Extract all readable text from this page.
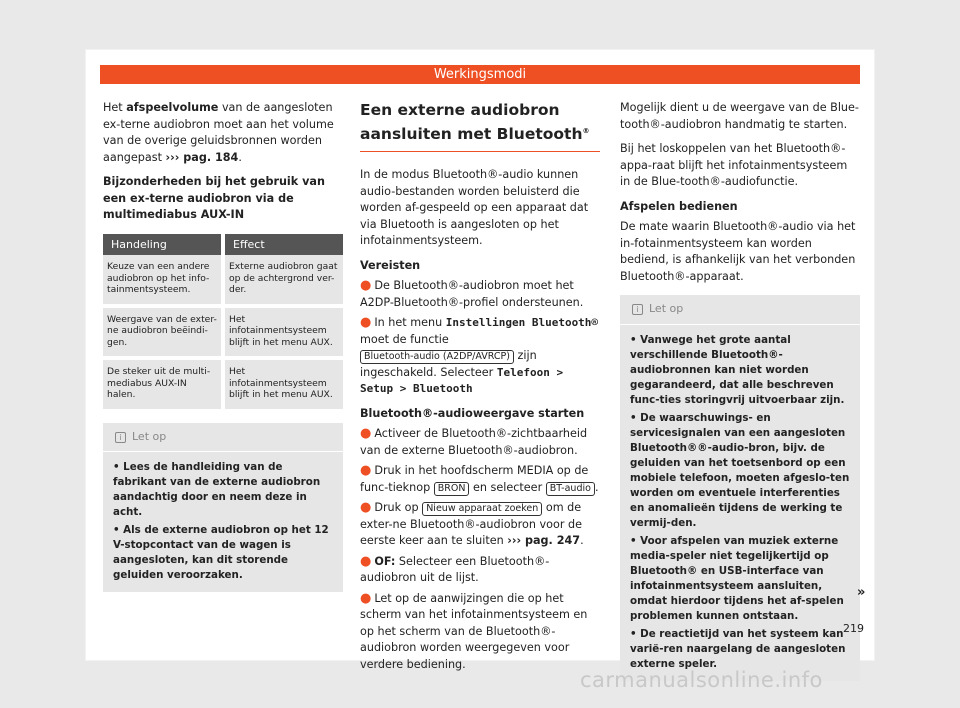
Werkingsmodi

Het afspeelvolume van de aangesloten ex-terne audiobron moet aan het volume van de overige geluidsbronnen worden aangepast ››› pag. 184.

Bijzonderheden bij het gebruik van een ex-terne audiobron via de multimediabus AUX-IN

Handeling	Effect
Keuze van een andere audiobron op het info-tainmentsysteem.	Externe audiobron gaat op de achtergrond ver-der.
Weergave van de exter-ne audiobron beëindi-gen.	Het infotainmentsysteem blijft in het menu AUX.
De steker uit de multi-mediabus AUX-IN halen.	Het infotainmentsysteem blijft in het menu AUX.
i Let op
• Lees de handleiding van de fabrikant van de externe audiobron aandachtig door en neem deze in acht.
• Als de externe audiobron op het 12 V-stopcontact van de wagen is aangesloten, kan dit storende geluiden veroorzaken.
Een externe audiobron aansluiten met Bluetooth®

In de modus Bluetooth®-audio kunnen audio-bestanden worden beluisterd die worden af-gespeeld op een apparaat dat via Bluetooth is aangesloten op het infotainmentsysteem.

Vereisten

● De Bluetooth®-audiobron moet het A2DP-Bluetooth®-profiel ondersteunen.
● In het menu Instellingen Bluetooth® moet de functie Bluetooth-audio (A2DP/AVRCP) zijn ingeschakeld. Selecteer Telefoon > Setup > Bluetooth

Bluetooth®-audioweergave starten

● Activeer de Bluetooth®-zichtbaarheid van de externe Bluetooth®-audiobron.
● Druk in het hoofdscherm MEDIA op de func-tieknop BRON en selecteer BT-audio .
● Druk op Nieuw apparaat zoeken om de exter-ne Bluetooth®-audiobron voor de eerste keer aan te sluiten ››› pag. 247.
● OF: Selecteer een Bluetooth®-audiobron uit de lijst.
● Let op de aanwijzingen die op het scherm van het infotainmentsysteem en op het scherm van de Bluetooth®-audiobron worden weergegeven voor verdere bediening.

Mogelijk dient u de weergave van de Blue-tooth®-audiobron handmatig te starten.

Bij het loskoppelen van het Bluetooth®-appa-raat blijft het infotainmentsysteem in de Blue-tooth®-audiofunctie.

Afspelen bedienen

De mate waarin Bluetooth®-audio via het in-fotainmentsysteem kan worden bediend, is afhankelijk van het verbonden Bluetooth®-apparaat.

i Let op
• Vanwege het grote aantal verschillende Bluetooth®-audiobronnen kan niet worden gegarandeerd, dat alle beschreven func-ties storingvrij uitvoerbaar zijn.
• De waarschuwings- en servicesignalen van een aangesloten Bluetooth®®-audio-bron, bijv. de geluiden van het toetsenbord op een mobiele telefoon, moeten afgeslo-ten worden om eventuele interferenties en anomalieën tijdens de werking te vermij-den.
• Voor afspelen van muziek externe media-speler niet tegelijkertijd op Bluetooth® en USB-interface van infotainmentsysteem aansluiten, omdat hierdoor tijdens het af-spelen problemen kunnen ontstaan.
• De reactietijd van het systeem kan varië-ren naargelang de aangesloten externe speler.
»
219
carmanualsonline.info
